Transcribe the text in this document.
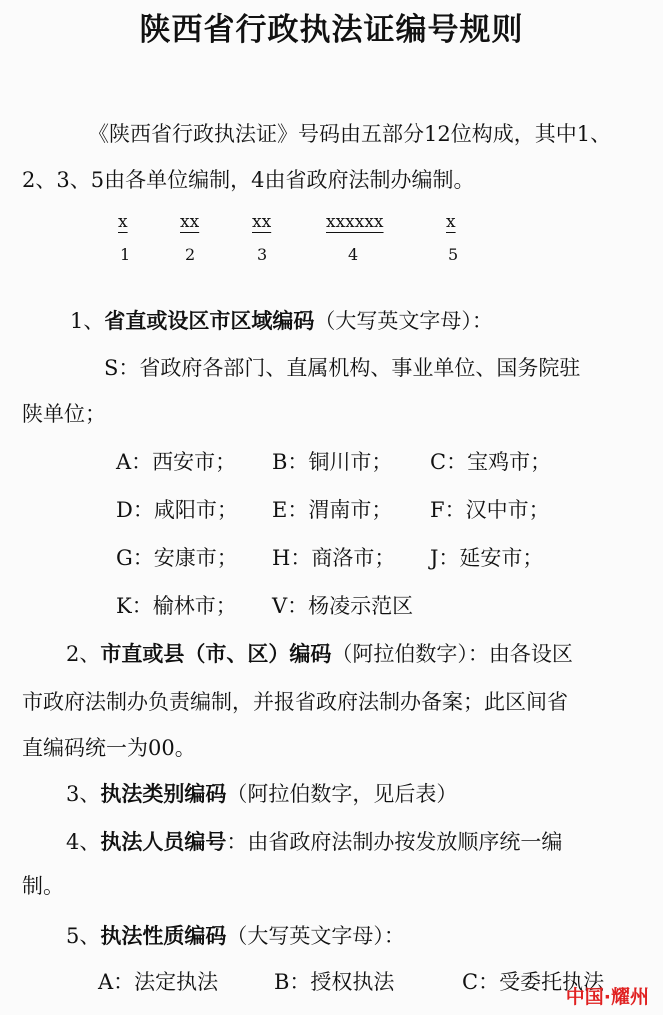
陕西省行政执法证编号规则
《陕西省行政执法证》号码由五部分12位构成，其中1、
2、3、5由各单位编制，4由省政府法制办编制。
x
1
xx
2
xx
3
xxxxxx
4
x
5
1、省直或设区市区域编码（大写英文字母）：
S：省政府各部门、直属机构、事业单位、国务院驻
陕单位；
A：西安市； B：铜川市； C：宝鸡市；
D：咸阳市； E：渭南市； F：汉中市；
G：安康市； H：商洛市； J：延安市；
K：榆林市； V：杨凌示范区
2、市直或县（市、区）编码（阿拉伯数字）：由各设区
市政府法制办负责编制，并报省政府法制办备案；此区间省
直编码统一为00。
3、执法类别编码（阿拉伯数字，见后表）
4、执法人员编号：由省政府法制办按发放顺序统一编
制。
5、执法性质编码（大写英文字母）：
A：法定执法	B：授权执法	C：受委托执法
中国·耀州
